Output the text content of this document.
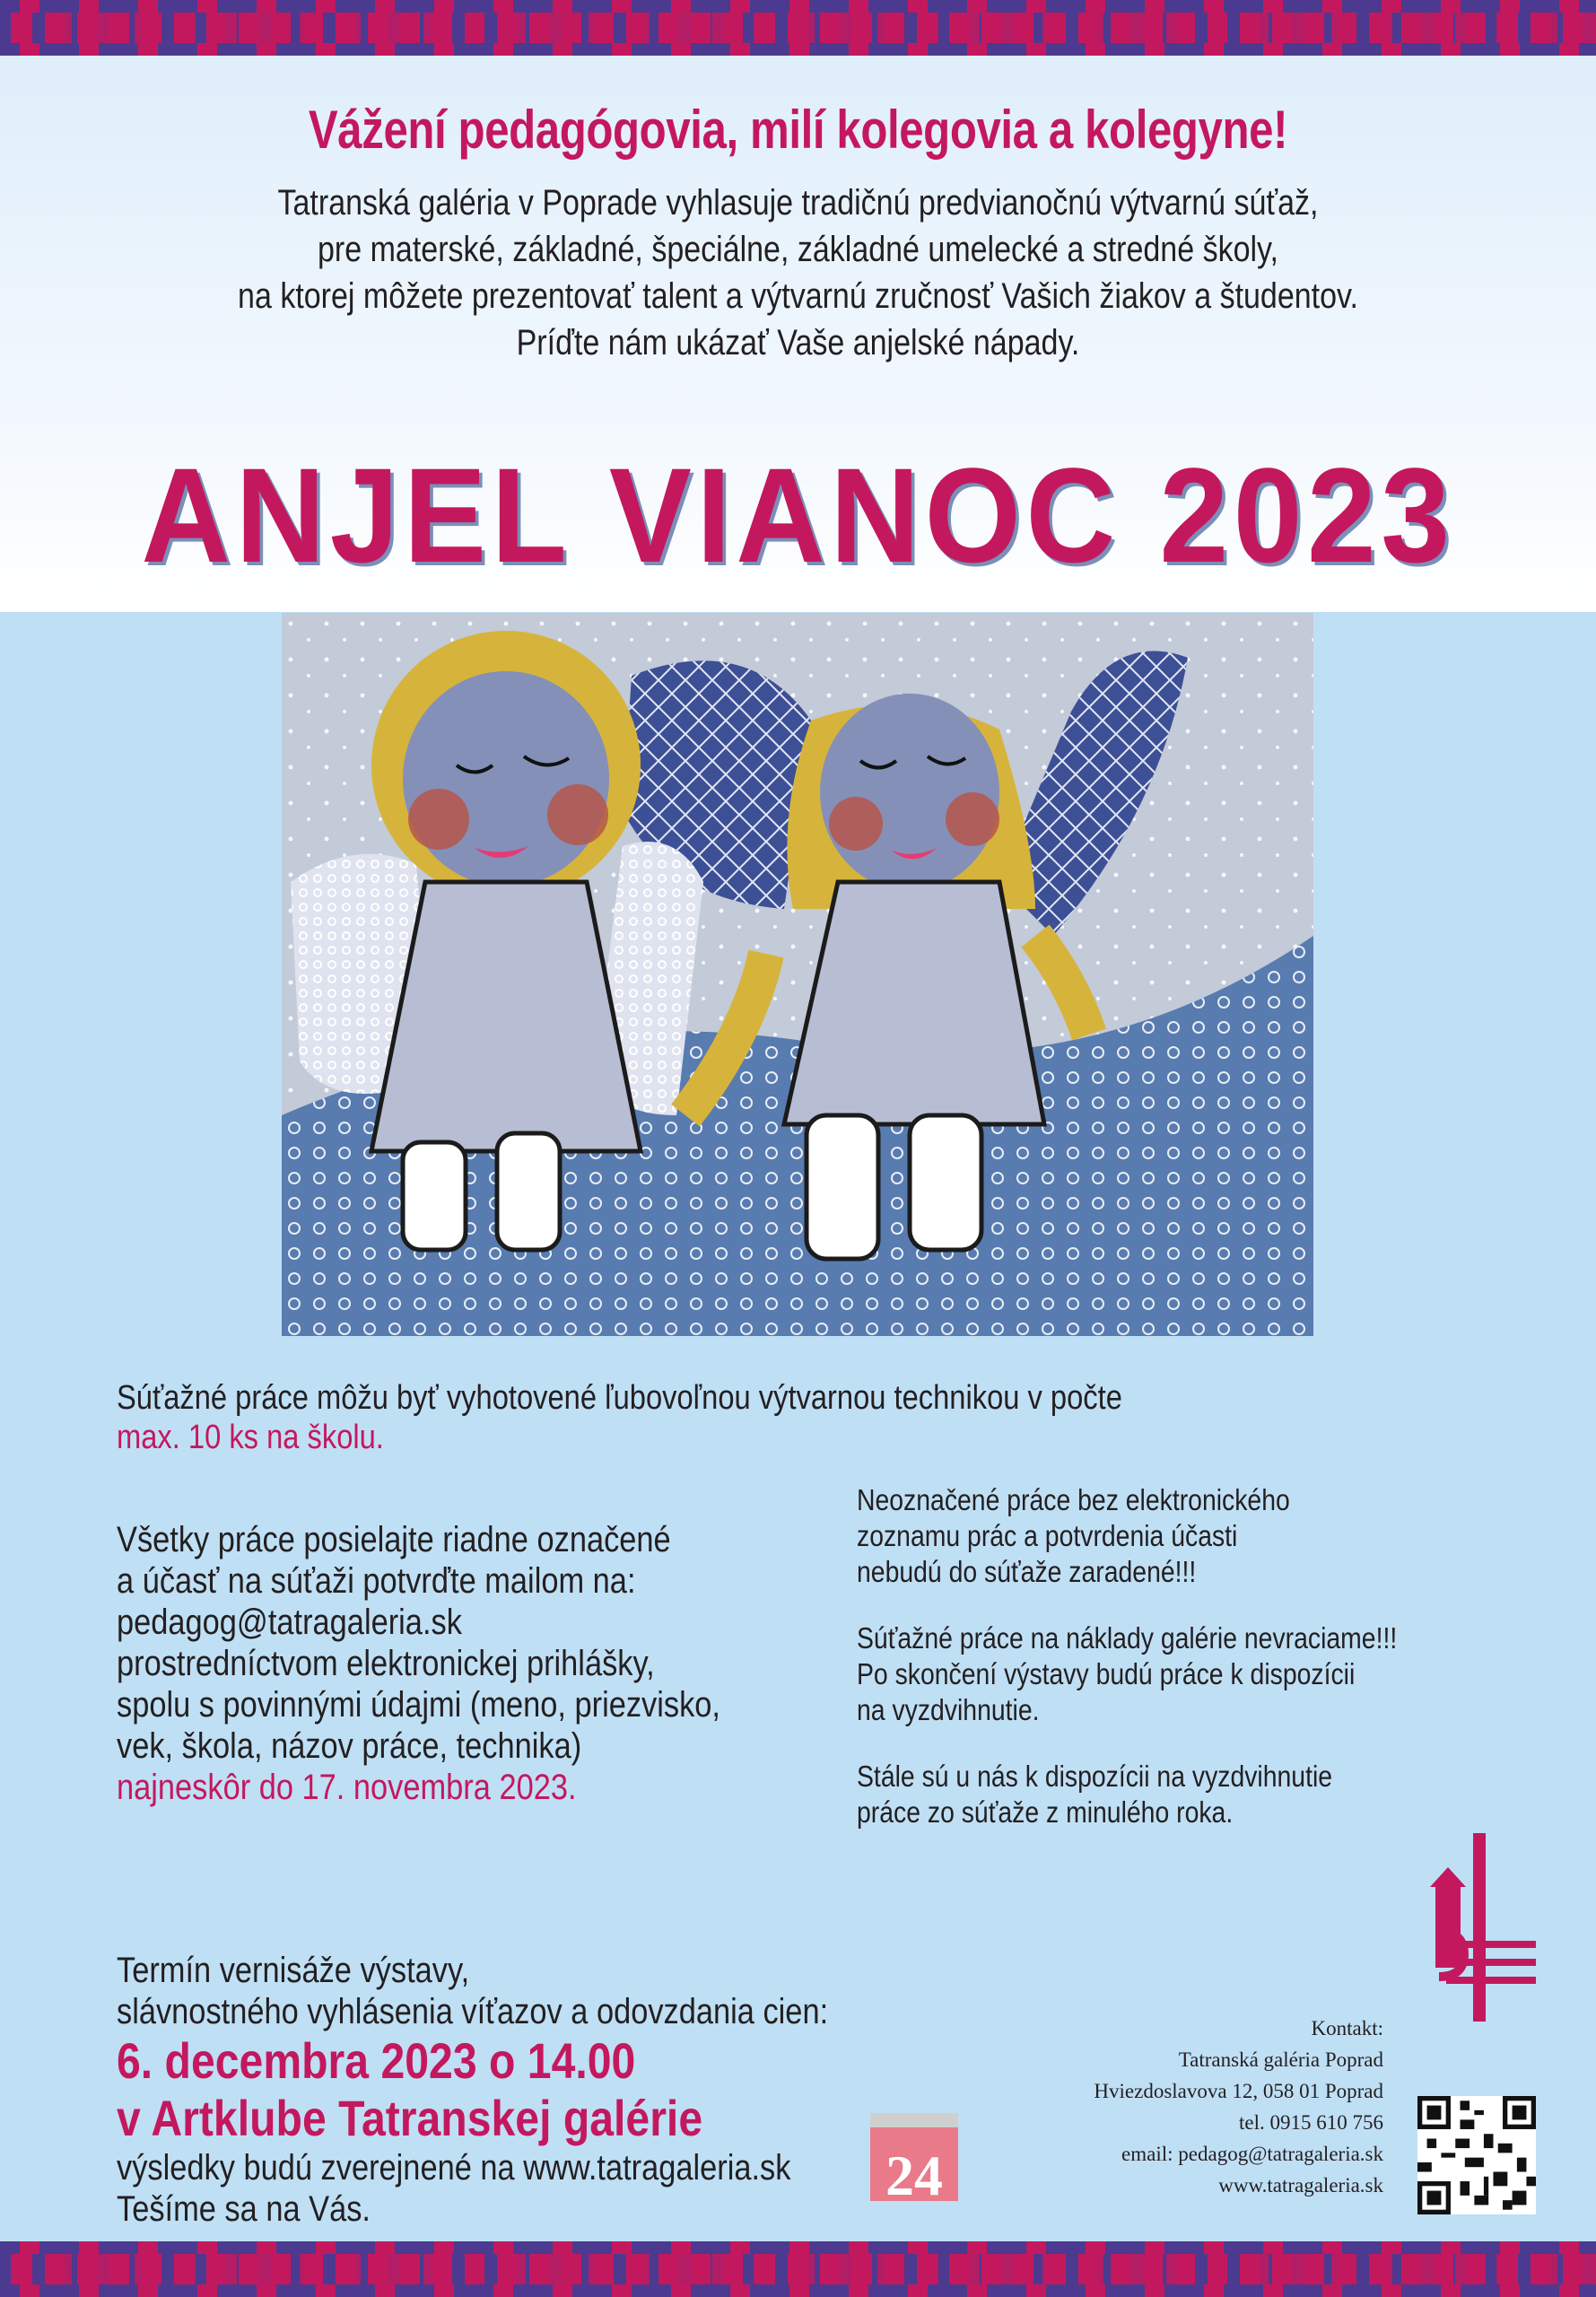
Vážení pedagógovia, milí kolegovia a kolegyne!
Tatranská galéria v Poprade vyhlasuje tradičnú predvianočnú výtvarnú súťaž,
pre materské, základné, špeciálne, základné umelecké a stredné školy,
na ktorej môžete prezentovať talent a výtvarnú zručnosť Vašich žiakov a študentov.
Príďte nám ukázať Vaše anjelské nápady.
ANJEL VIANOC 2023
Súťažné práce môžu byť vyhotovené ľubovoľnou výtvarnou technikou v počte
max. 10 ks na školu.
Všetky práce posielajte riadne označené
a účasť na súťaži potvrďte mailom na:
pedagog@tatragaleria.sk
prostredníctvom elektronickej prihlášky,
spolu s povinnými údajmi (meno, priezvisko,
vek, škola, názov práce, technika)
najneskôr do 17. novembra 2023.
Neoznačené práce bez elektronického
zoznamu prác a potvrdenia účasti
nebudú do súťaže zaradené!!!
Súťažné práce na náklady galérie nevraciame!!!
Po skončení výstavy budú práce k dispozícii
na vyzdvihnutie.
Stále sú u nás k dispozícii na vyzdvihnutie
práce zo súťaže z minulého roka.
Termín vernisáže výstavy,
slávnostného vyhlásenia víťazov a odovzdania cien:
6. decembra 2023 o 14.00
v Artklube Tatranskej galérie
výsledky budú zverejnené na www.tatragaleria.sk
Tešíme sa na Vás.
24
Kontakt:
Tatranská galéria Poprad
Hviezdoslavova 12, 058 01 Poprad
tel. 0915 610 756
email: pedagog@tatragaleria.sk
www.tatragaleria.sk
